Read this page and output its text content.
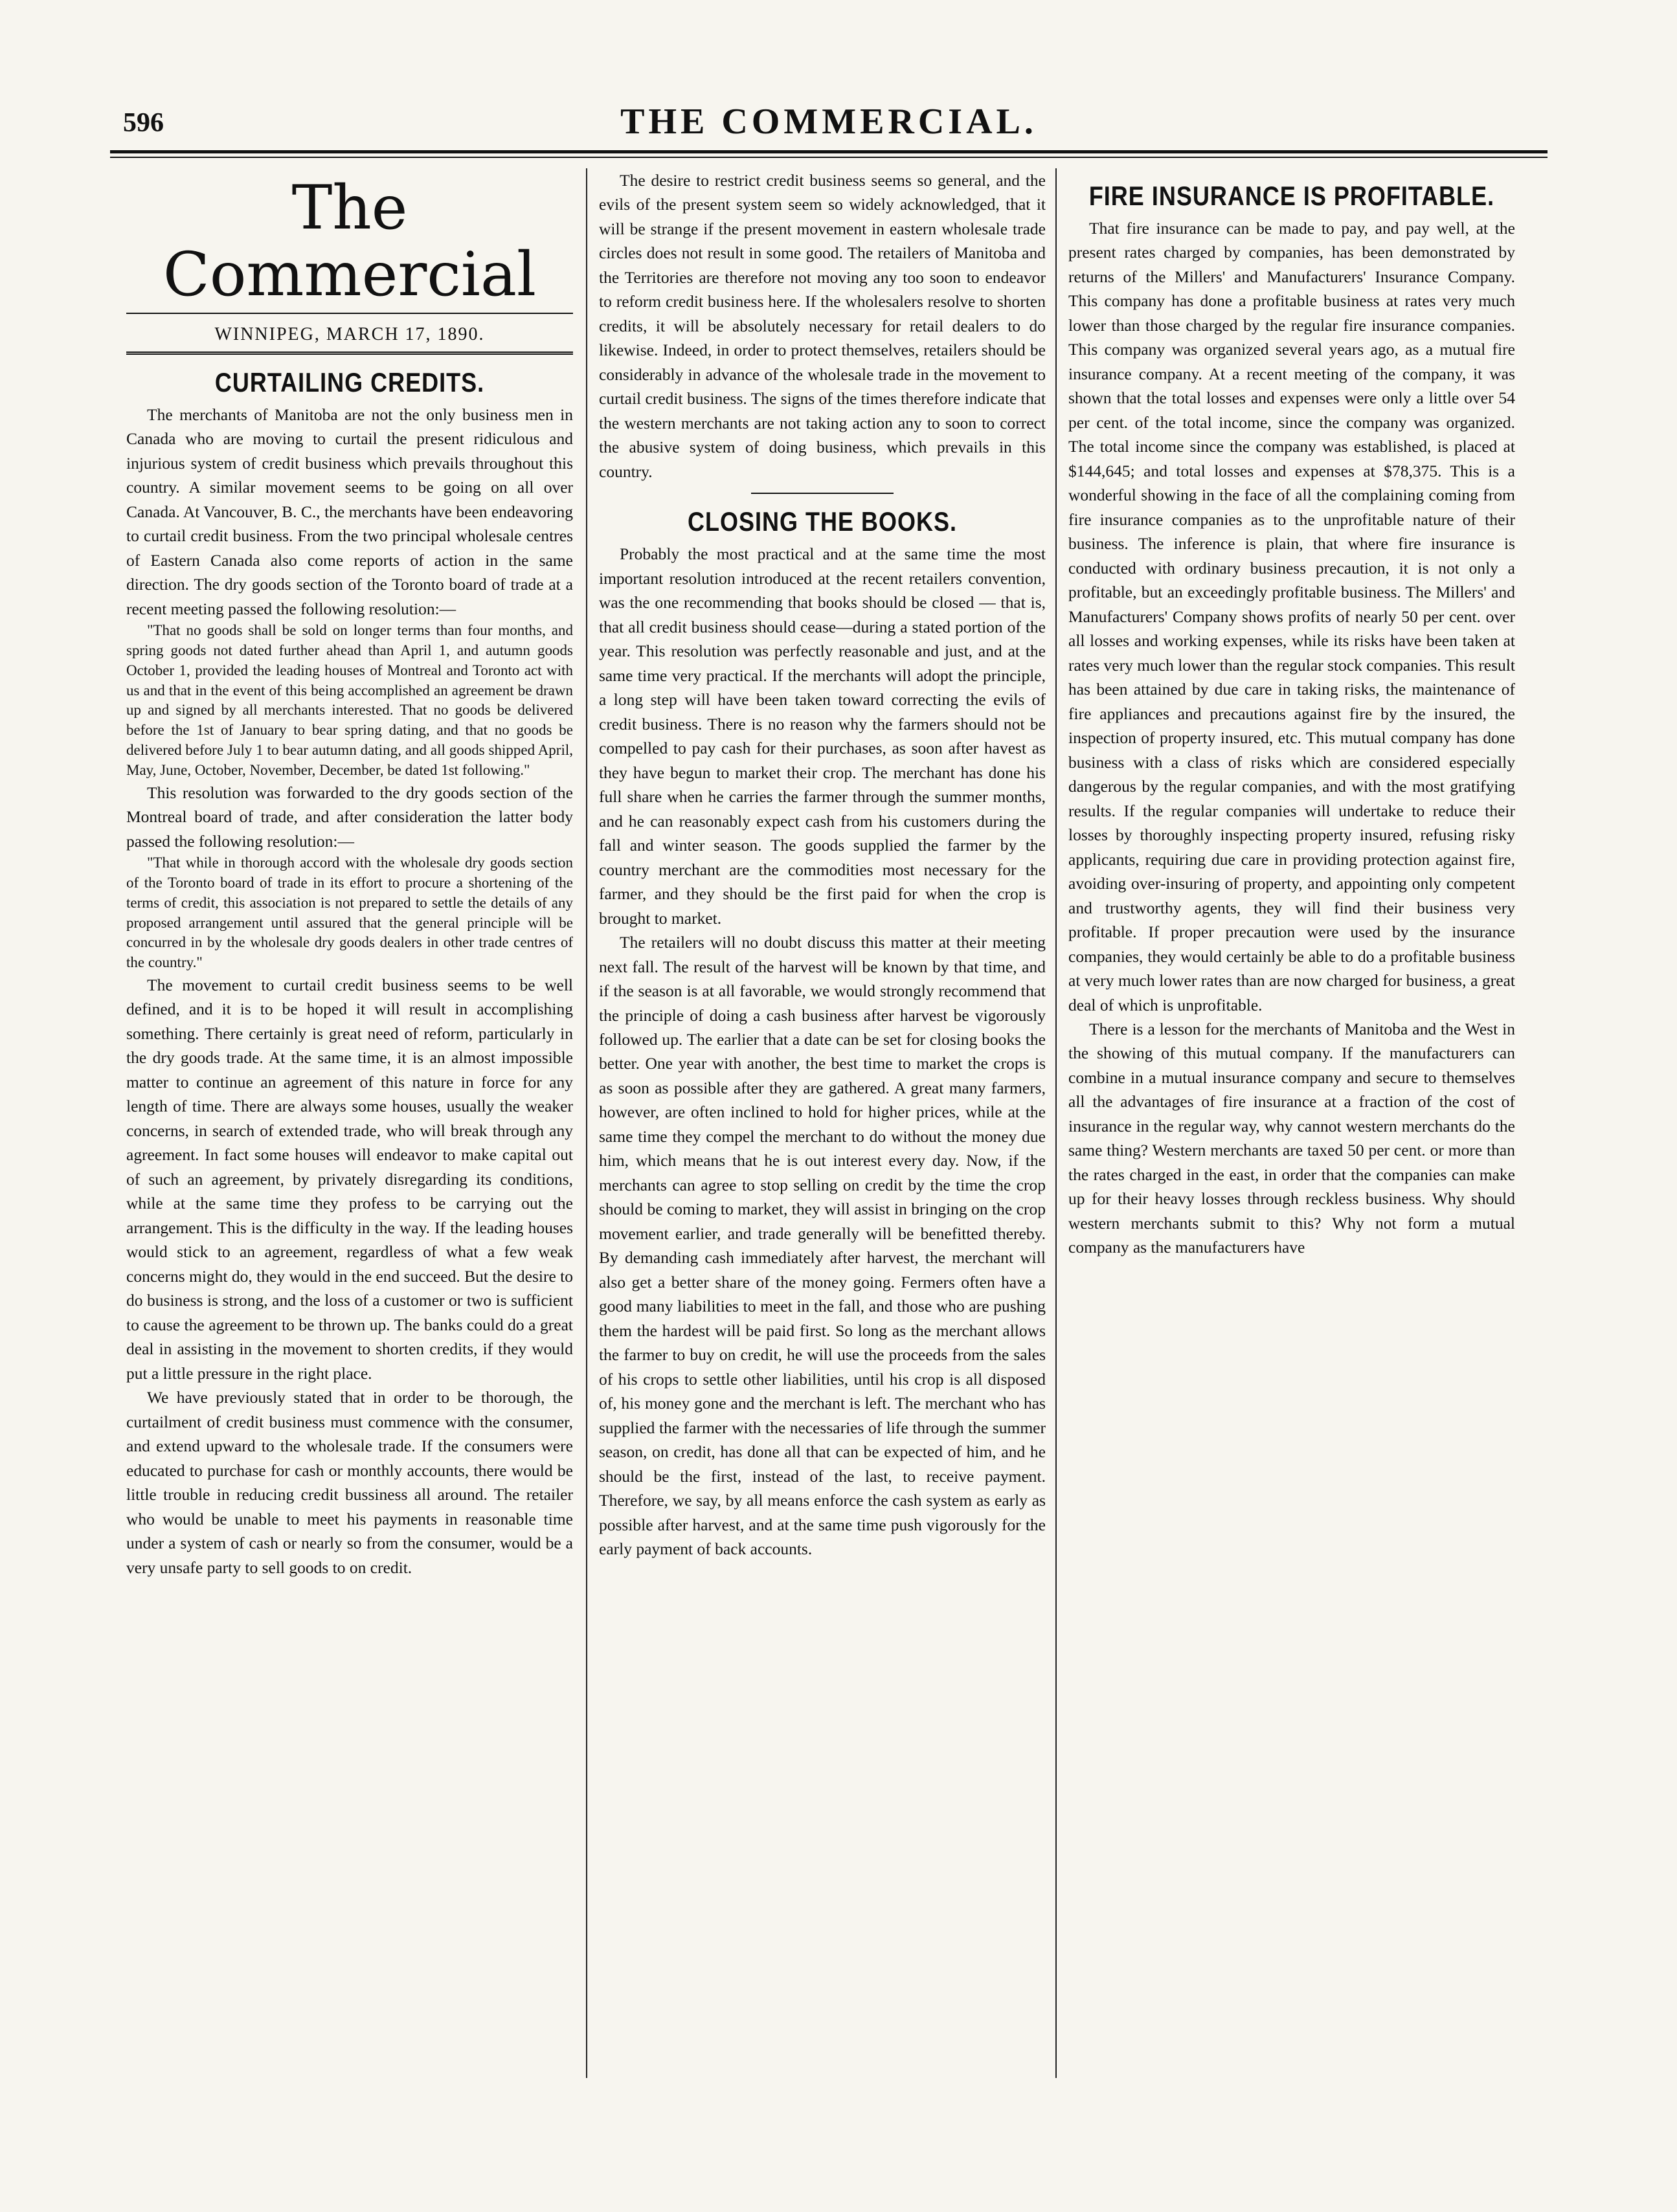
596	THE COMMERCIAL.
The Commercial
WINNIPEG, MARCH 17, 1890.
CURTAILING CREDITS.

The merchants of Manitoba are not the only business men in Canada who are moving to curtail the present ridiculous and injurious system of credit business which prevails throughout this country. A similar movement seems to be going on all over Canada. At Vancouver, B. C., the merchants have been endeavoring to curtail credit business. From the two principal wholesale centres of Eastern Canada also come reports of action in the same direction. The dry goods section of the Toronto board of trade at a recent meeting passed the following resolution:—

"That no goods shall be sold on longer terms than four months, and spring goods not dated further ahead than April 1, and autumn goods October 1, provided the leading houses of Montreal and Toronto act with us and that in the event of this being accomplished an agreement be drawn up and signed by all merchants interested. That no goods be delivered before the 1st of January to bear spring dating, and that no goods be delivered before July 1 to bear autumn dating, and all goods shipped April, May, June, October, November, December, be dated 1st following."

This resolution was forwarded to the dry goods section of the Montreal board of trade, and after consideration the latter body passed the following resolution:—

"That while in thorough accord with the wholesale dry goods section of the Toronto board of trade in its effort to procure a shortening of the terms of credit, this association is not prepared to settle the details of any proposed arrangement until assured that the general principle will be concurred in by the wholesale dry goods dealers in other trade centres of the country."

The movement to curtail credit business seems to be well defined, and it is to be hoped it will result in accomplishing something. There certainly is great need of reform, particularly in the dry goods trade. At the same time, it is an almost impossible matter to continue an agreement of this nature in force for any length of time. There are always some houses, usually the weaker concerns, in search of extended trade, who will break through any agreement. In fact some houses will endeavor to make capital out of such an agreement, by privately disregarding its conditions, while at the same time they profess to be carrying out the arrangement. This is the difficulty in the way. If the leading houses would stick to an agreement, regardless of what a few weak concerns might do, they would in the end succeed. But the desire to do business is strong, and the loss of a customer or two is sufficient to cause the agreement to be thrown up. The banks could do a great deal in assisting in the movement to shorten credits, if they would put a little pressure in the right place.

We have previously stated that in order to be thorough, the curtailment of credit business must commence with the consumer, and extend upward to the wholesale trade. If the consumers were educated to purchase for cash or monthly accounts, there would be little trouble in reducing credit bussiness all around. The retailer who would be unable to meet his payments in reasonable time under a system of cash or nearly so from the consumer, would be a very unsafe party to sell goods to on credit.

The desire to restrict credit business seems so general, and the evils of the present system seem so widely acknowledged, that it will be strange if the present movement in eastern wholesale trade circles does not result in some good. The retailers of Manitoba and the Territories are therefore not moving any too soon to endeavor to reform credit business here. If the wholesalers resolve to shorten credits, it will be absolutely necessary for retail dealers to do likewise. Indeed, in order to protect themselves, retailers should be considerably in advance of the wholesale trade in the movement to curtail credit business. The signs of the times therefore indicate that the western merchants are not taking action any to soon to correct the abusive system of doing business, which prevails in this country.

CLOSING THE BOOKS.

Probably the most practical and at the same time the most important resolution introduced at the recent retailers convention, was the one recommending that books should be closed — that is, that all credit business should cease—during a stated portion of the year. This resolution was perfectly reasonable and just, and at the same time very practical. If the merchants will adopt the principle, a long step will have been taken toward correcting the evils of credit business. There is no reason why the farmers should not be compelled to pay cash for their purchases, as soon after havest as they have begun to market their crop. The merchant has done his full share when he carries the farmer through the summer months, and he can reasonably expect cash from his customers during the fall and winter season. The goods supplied the farmer by the country merchant are the commodities most necessary for the farmer, and they should be the first paid for when the crop is brought to market.

The retailers will no doubt discuss this matter at their meeting next fall. The result of the harvest will be known by that time, and if the season is at all favorable, we would strongly recommend that the principle of doing a cash business after harvest be vigorously followed up. The earlier that a date can be set for closing books the better. One year with another, the best time to market the crops is as soon as possible after they are gathered. A great many farmers, however, are often inclined to hold for higher prices, while at the same time they compel the merchant to do without the money due him, which means that he is out interest every day. Now, if the merchants can agree to stop selling on credit by the time the crop should be coming to market, they will assist in bringing on the crop movement earlier, and trade generally will be benefitted thereby. By demanding cash immediately after harvest, the merchant will also get a better share of the money going. Fermers often have a good many liabilities to meet in the fall, and those who are pushing them the hardest will be paid first. So long as the merchant allows the farmer to buy on credit, he will use the proceeds from the sales of his crops to settle other liabilities, until his crop is all disposed of, his money gone and the merchant is left. The merchant who has supplied the farmer with the necessaries of life through the summer season, on credit, has done all that can be expected of him, and he should be the first, instead of the last, to receive payment. Therefore, we say, by all means enforce the cash system as early as possible after harvest, and at the same time push vigorously for the early payment of back accounts.

FIRE INSURANCE IS PROFITABLE.

That fire insurance can be made to pay, and pay well, at the present rates charged by companies, has been demonstrated by returns of the Millers' and Manufacturers' Insurance Company. This company has done a profitable business at rates very much lower than those charged by the regular fire insurance companies. This company was organized several years ago, as a mutual fire insurance company. At a recent meeting of the company, it was shown that the total losses and expenses were only a little over 54 per cent. of the total income, since the company was organized. The total income since the company was established, is placed at $144,645; and total losses and expenses at $78,375. This is a wonderful showing in the face of all the complaining coming from fire insurance companies as to the unprofitable nature of their business. The inference is plain, that where fire insurance is conducted with ordinary business precaution, it is not only a profitable, but an exceedingly profitable business. The Millers' and Manufacturers' Company shows profits of nearly 50 per cent. over all losses and working expenses, while its risks have been taken at rates very much lower than the regular stock companies. This result has been attained by due care in taking risks, the maintenance of fire appliances and precautions against fire by the insured, the inspection of property insured, etc. This mutual company has done business with a class of risks which are considered especially dangerous by the regular companies, and with the most gratifying results. If the regular companies will undertake to reduce their losses by thoroughly inspecting property insured, refusing risky applicants, requiring due care in providing protection against fire, avoiding over-insuring of property, and appointing only competent and trustworthy agents, they will find their business very profitable. If proper precaution were used by the insurance companies, they would certainly be able to do a profitable business at very much lower rates than are now charged for business, a great deal of which is unprofitable.

There is a lesson for the merchants of Manitoba and the West in the showing of this mutual company. If the manufacturers can combine in a mutual insurance company and secure to themselves all the advantages of fire insurance at a fraction of the cost of insurance in the regular way, why cannot western merchants do the same thing? Western merchants are taxed 50 per cent. or more than the rates charged in the east, in order that the companies can make up for their heavy losses through reckless business. Why should western merchants submit to this? Why not form a mutual company as the manufacturers have
